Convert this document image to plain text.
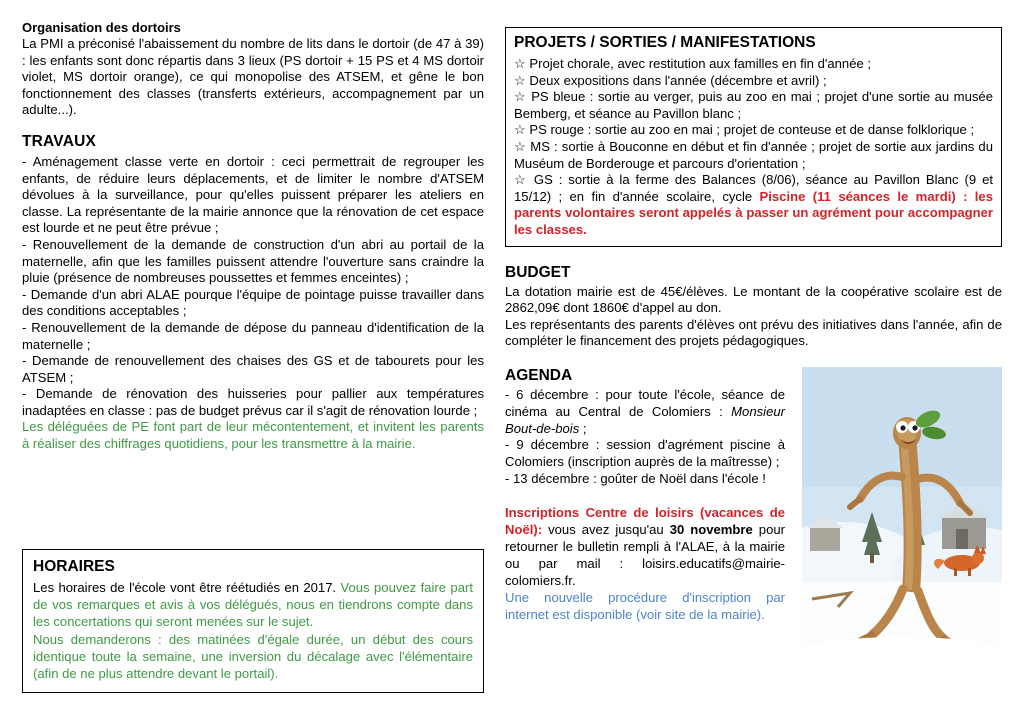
Organisation des dortoirs

La PMI a préconisé l'abaissement du nombre de lits dans le dortoir (de 47 à 39) : les enfants sont donc répartis dans 3 lieux (PS dortoir + 15 PS et 4 MS dortoir violet, MS dortoir orange), ce qui monopolise des ATSEM, et gêne le bon fonctionnement des classes (transferts extérieurs, accompagnement par un adulte...).

TRAVAUX

- Aménagement classe verte en dortoir : ceci permettrait de regrouper les enfants, de réduire leurs déplacements, et de limiter le nombre d'ATSEM dévolues à la surveillance, pour qu'elles puissent préparer les ateliers en classe. La représentante de la mairie annonce que la rénovation de cet espace est lourde et ne peut être prévue ;

- Renouvellement de la demande de construction d'un abri au portail de la maternelle, afin que les familles puissent attendre l'ouverture sans craindre la pluie (présence de nombreuses poussettes et femmes enceintes) ;

- Demande d'un abri ALAE pourque l'équipe de pointage puisse travailler dans des conditions acceptables ;

- Renouvellement de la demande de dépose du panneau d'identification de la maternelle ;

- Demande de renouvellement des chaises des GS et de tabourets pour les ATSEM ;

- Demande de rénovation des huisseries pour pallier aux températures inadaptées en classe : pas de budget prévus car il s'agit de rénovation lourde ;

Les déléguées de PE font part de leur mécontentement, et invitent les parents à réaliser des chiffrages quotidiens, pour les transmettre à la mairie.

HORAIRES

Les horaires de l'école vont être réétudiés en 2017. Vous pouvez faire part de vos remarques et avis à vos délégués, nous en tiendrons compte dans les concertations qui seront menées sur le sujet.

Nous demanderons : des matinées d'égale durée, un début des cours identique toute la semaine, une inversion du décalage avec l'élémentaire (afin de ne plus attendre devant le portail).

PROJETS / SORTIES / MANIFESTATIONS

☆ Projet chorale, avec restitution aux familles en fin d'année ;

☆ Deux expositions dans l'année (décembre et avril) ;

☆ PS bleue : sortie au verger, puis au zoo en mai ; projet d'une sortie au musée Bemberg, et séance au Pavillon blanc ;

☆ PS rouge : sortie au zoo en mai ; projet de conteuse et de danse folklorique ;

☆ MS : sortie à Bouconne en début et fin d'année ; projet de sortie aux jardins du Muséum de Borderouge et parcours d'orientation ;

☆ GS : sortie à la ferme des Balances (8/06), séance au Pavillon Blanc (9 et 15/12) ; en fin d'année scolaire, cycle Piscine (11 séances le mardi) : les parents volontaires seront appelés à passer un agrément pour accompagner les classes.

BUDGET

La dotation mairie est de 45€/élèves. Le montant de la coopérative scolaire est de 2862,09€ dont 1860€ d'appel au don.

Les représentants des parents d'élèves ont prévu des initiatives dans l'année, afin de compléter le financement des projets pédagogiques.

AGENDA

- 6 décembre : pour toute l'école, séance de cinéma au Central de Colomiers : Monsieur Bout-de-bois ;

- 9 décembre : session d'agrément piscine à Colomiers (inscription auprès de la maîtresse) ;

- 13 décembre : goûter de Noël dans l'école !

Inscriptions Centre de loisirs (vacances de Noël): vous avez jusqu'au 30 novembre pour retourner le bulletin rempli à l'ALAE, à la mairie ou par mail : loisirs.educatifs@mairie-colomiers.fr.

Une nouvelle procédure d'inscription par internet est disponible (voir site de la mairie).
